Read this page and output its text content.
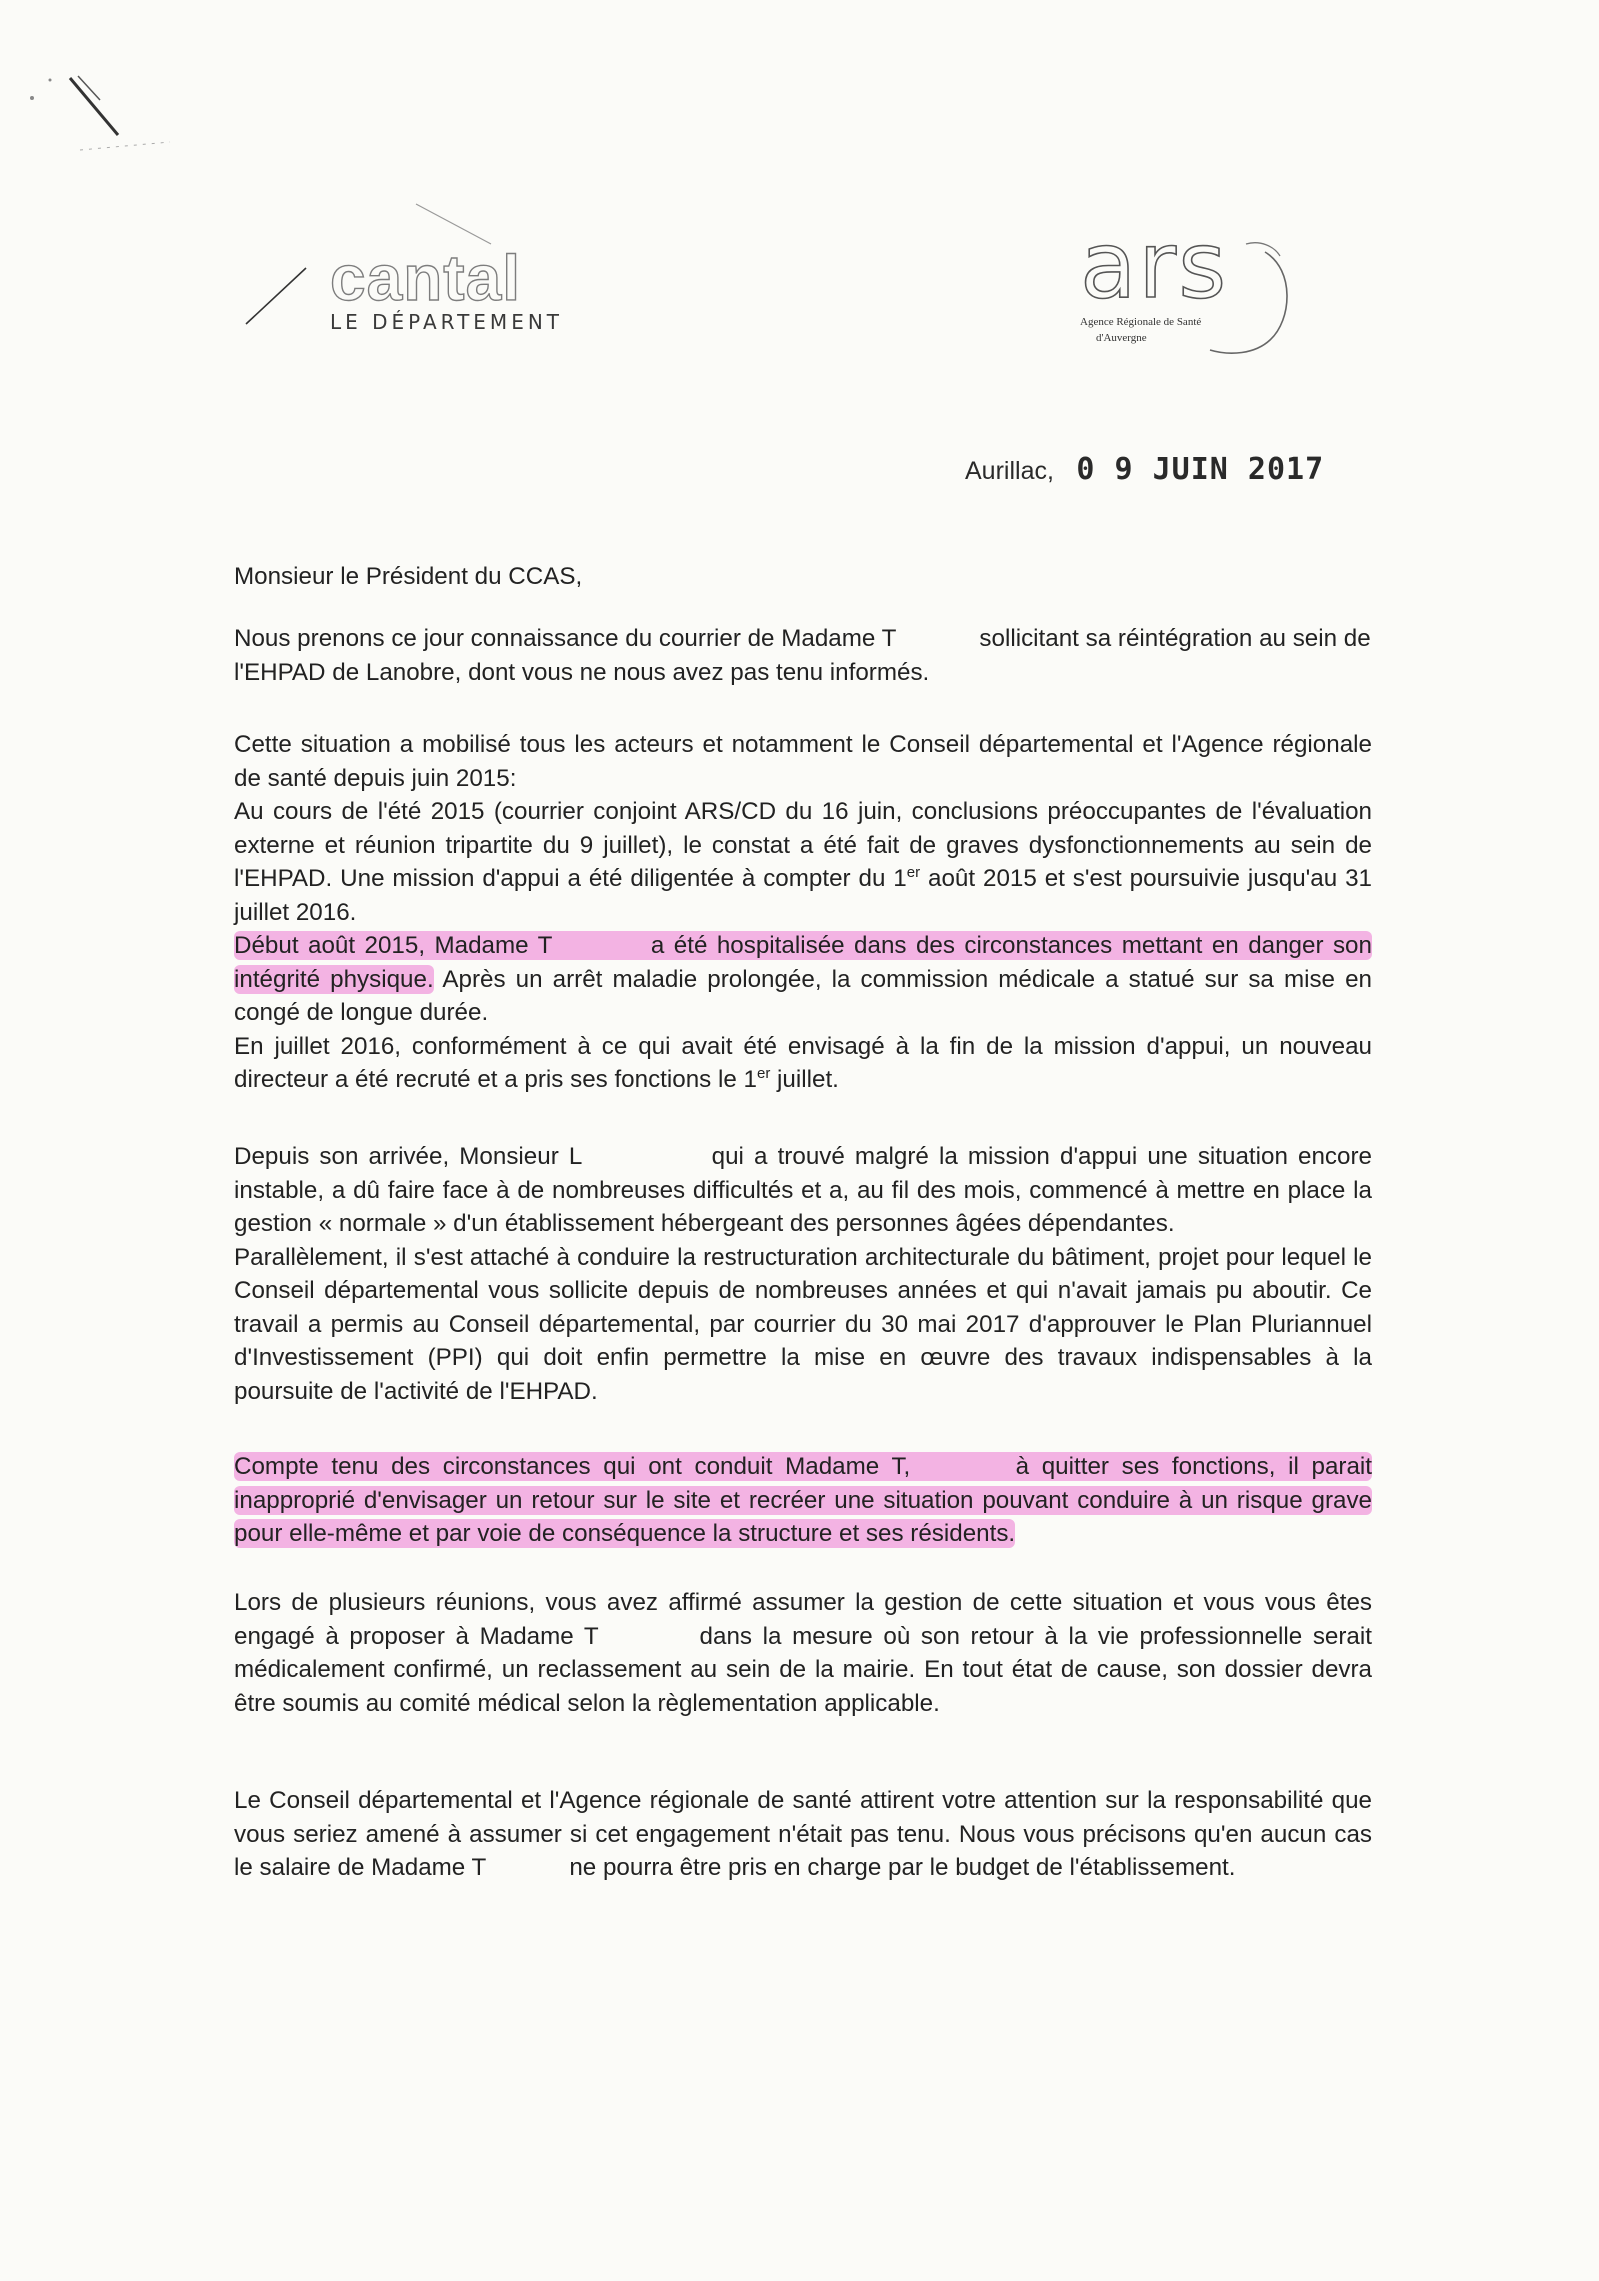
cantal
LE DÉPARTEMENT
ars
Agence Régionale de Santé
d'Auvergne
Aurillac, 0 9 JUIN 2017

Monsieur le Président du CCAS,

Nous prenons ce jour connaissance du courrier de Madame T	sollicitant sa réintégration au sein de l'EHPAD de Lanobre, dont vous ne nous avez pas tenu informés.

Cette situation a mobilisé tous les acteurs et notamment le Conseil départemental et l'Agence régionale de santé depuis juin 2015:

Au cours de l'été 2015 (courrier conjoint ARS/CD du 16 juin, conclusions préoccupantes de l'évaluation externe et réunion tripartite du 9 juillet), le constat a été fait de graves dysfonctionnements au sein de l'EHPAD. Une mission d'appui a été diligentée à compter du 1er août 2015 et s'est poursuivie jusqu'au 31 juillet 2016.

Début août 2015, Madame T	a été hospitalisée dans des circonstances mettant en danger son intégrité physique. Après un arrêt maladie prolongée, la commission médicale a statué sur sa mise en congé de longue durée.

En juillet 2016, conformément à ce qui avait été envisagé à la fin de la mission d'appui, un nouveau directeur a été recruté et a pris ses fonctions le 1er juillet.

Depuis son arrivée, Monsieur L	qui a trouvé malgré la mission d'appui une situation encore instable, a dû faire face à de nombreuses difficultés et a, au fil des mois, commencé à mettre en place la gestion « normale » d'un établissement hébergeant des personnes âgées dépendantes.

Parallèlement, il s'est attaché à conduire la restructuration architecturale du bâtiment, projet pour lequel le Conseil départemental vous sollicite depuis de nombreuses années et qui n'avait jamais pu aboutir. Ce travail a permis au Conseil départemental, par courrier du 30 mai 2017 d'approuver le Plan Pluriannuel d'Investissement (PPI) qui doit enfin permettre la mise en œuvre des travaux indispensables à la poursuite de l'activité de l'EHPAD.

Compte tenu des circonstances qui ont conduit Madame T,	à quitter ses fonctions, il parait inapproprié d'envisager un retour sur le site et recréer une situation pouvant conduire à un risque grave pour elle-même et par voie de conséquence la structure et ses résidents.

Lors de plusieurs réunions, vous avez affirmé assumer la gestion de cette situation et vous vous êtes engagé à proposer à Madame T	dans la mesure où son retour à la vie professionnelle serait médicalement confirmé, un reclassement au sein de la mairie. En tout état de cause, son dossier devra être soumis au comité médical selon la règlementation applicable.

Le Conseil départemental et l'Agence régionale de santé attirent votre attention sur la responsabilité que vous seriez amené à assumer si cet engagement n'était pas tenu. Nous vous précisons qu'en aucun cas le salaire de Madame T	ne pourra être pris en charge par le budget de l'établissement.
